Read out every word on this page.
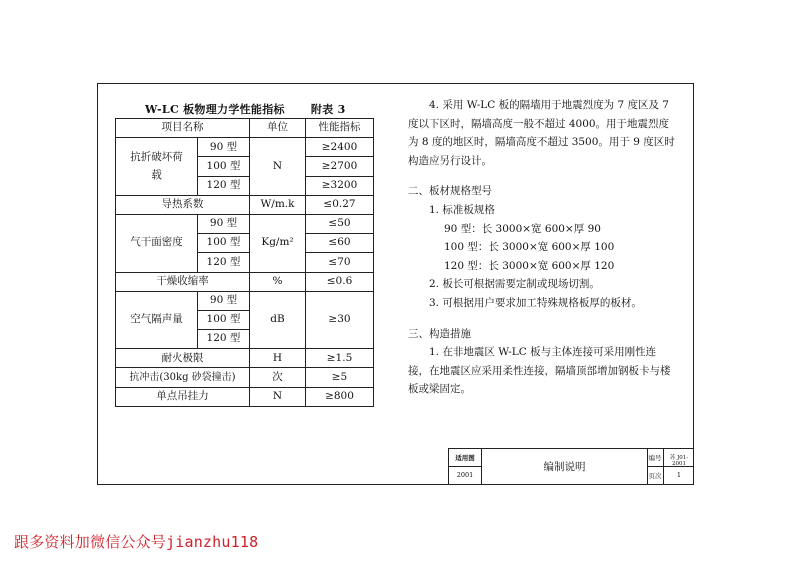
W-LC 板物理力学性能指标 附表 3
项目名称		单位	性能指标
抗折破坏荷载	90 型	N	≥2400
	100 型		≥2700
	120 型		≥3200
导热系数		W/m.k	≤0.27
气干面密度	90 型	Kg/m²	≤50
	100 型		≤60
	120 型		≤70
干燥收缩率		%	≤0.6
空气隔声量	90 型	dB	≥30
	100 型		
	120 型		
耐火极限		H	≥1.5
抗冲击(30kg 砂袋撞击)		次	≥5
单点吊挂力		N	≥800

4. 采用 W-LC 板的隔墙用于地震烈度为 7 度区及 7 度以下区时，隔墙高度一般不超过 4000。用于地震烈度为 8 度的地区时，隔墙高度不超过 3500。用于 9 度区时构造应另行设计。

二、板材规格型号

1. 标准板规格

90 型：长 3000×宽 600×厚 90

100 型：长 3000×宽 600×厚 100

120 型：长 3000×宽 600×厚 120

2. 板长可根据需要定制或现场切割。

3. 可根据用户要求加工特殊规格板厚的板材。

三、构造措施

1. 在非地震区 W-LC 板与主体连接可采用刚性连接，在地震区应采用柔性连接，隔墙顶部增加钢板卡与楼板或梁固定。

适用图
2001
编制说明
编号	苏 J01-2001
页次	1
跟多资料加微信公众号jianzhu118
